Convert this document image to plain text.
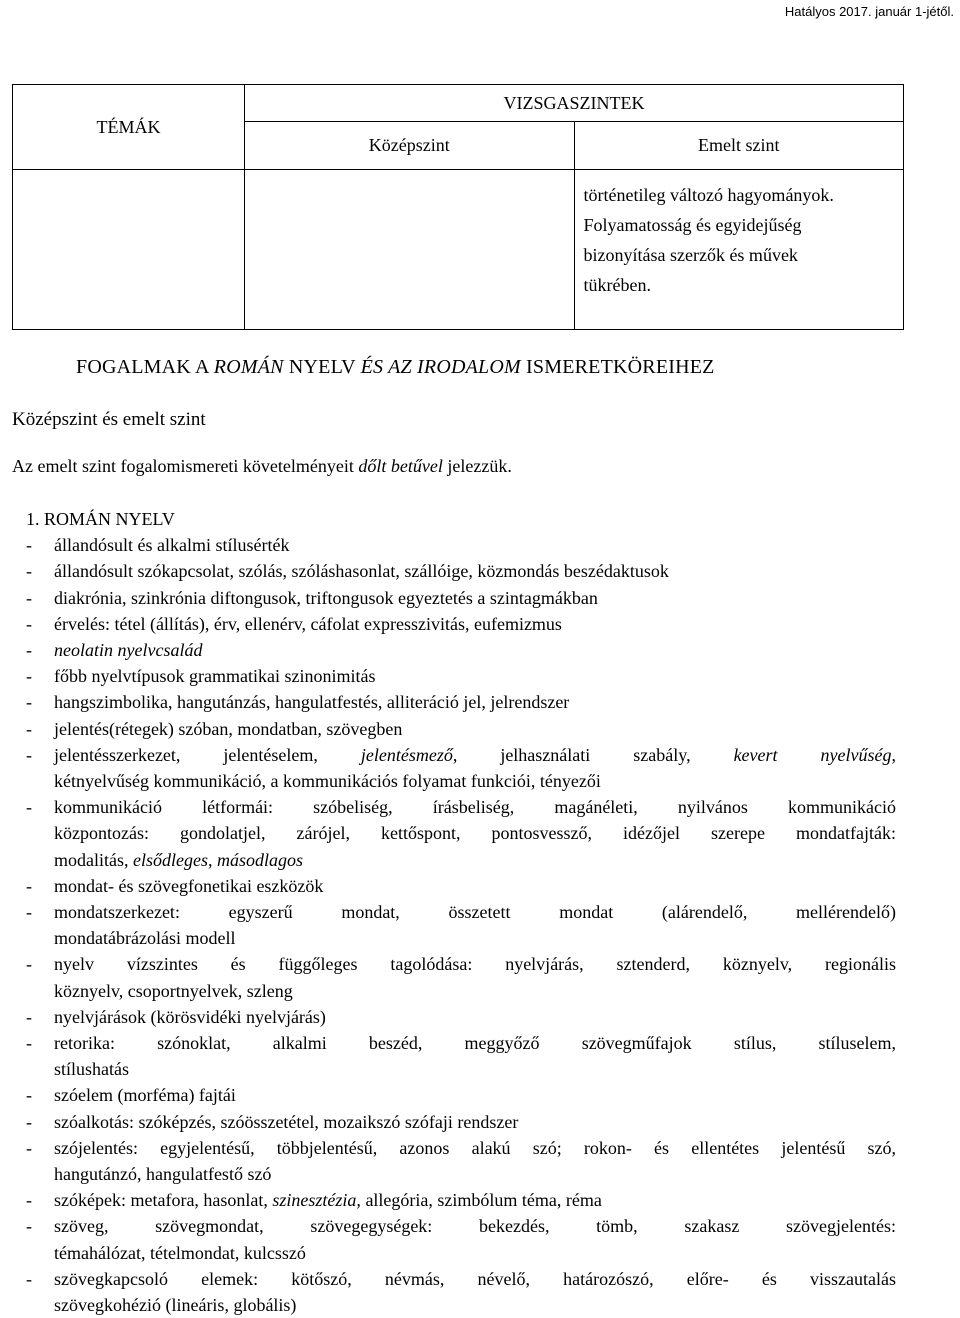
Hatályos 2017. január 1-jétől.
TÉMÁK	VIZSGASZINTEK	
	Középszint	Emelt szint

		történetileg változó hagyományok.
Folyamatosság és egyidejűség
bizonyítása szerzők és művek
tükrében.
FOGALMAK A ROMÁN NYELV ÉS AZ IRODALOM ISMERETKÖREIHEZ
Középszint és emelt szint
Az emelt szint fogalomismereti követelményeit dőlt betűvel jelezzük.
1. ROMÁN NYELV
-	állandósult és alkalmi stílusérték
-	állandósult szókapcsolat, szólás, szóláshasonlat, szállóige, közmondás beszédaktusok
-	diakrónia, szinkrónia diftongusok, triftongusok egyeztetés a szintagmákban
-	érvelés: tétel (állítás), érv, ellenérv, cáfolat expresszivitás, eufemizmus
-	neolatin nyelvcsalád
-	főbb nyelvtípusok grammatikai szinonimitás
-	hangszimbolika, hangutánzás, hangulatfestés, alliteráció jel, jelrendszer
-	jelentés(rétegek) szóban, mondatban, szövegben
-	jelentésszerkezet, jelentéselem, jelentésmező, jelhasználati szabály, kevert nyelvűség,
kétnyelvűség kommunikáció, a kommunikációs folyamat funkciói, tényezői
-	kommunikáció létformái: szóbeliség, írásbeliség, magánéleti, nyilvános kommunikáció
központozás: gondolatjel, zárójel, kettőspont, pontosvessző, idézőjel szerepe mondatfajták:
modalitás, elsődleges, másodlagos
-	mondat- és szövegfonetikai eszközök
-	mondatszerkezet: egyszerű mondat, összetett mondat (alárendelő, mellérendelő)
mondatábrázolási modell
-	nyelv vízszintes és függőleges tagolódása: nyelvjárás, sztenderd, köznyelv, regionális
köznyelv, csoportnyelvek, szleng
-	nyelvjárások (körösvidéki nyelvjárás)
-	retorika: szónoklat, alkalmi beszéd, meggyőző szövegműfajok stílus, stíluselem,
stílushatás
-	szóelem (morféma) fajtái
-	szóalkotás: szóképzés, szóösszetétel, mozaikszó szófaji rendszer
-	szójelentés: egyjelentésű, többjelentésű, azonos alakú szó; rokon- és ellentétes jelentésű szó,
hangutánzó, hangulatfestő szó
-	szóképek: metafora, hasonlat, szinesztézia, allegória, szimbólum téma, réma
-	szöveg, szövegmondat, szövegegységek: bekezdés, tömb, szakasz szövegjelentés:
témahálózat, tételmondat, kulcsszó
-	szövegkapcsoló elemek: kötőszó, névmás, névelő, határozószó, előre- és visszautalás
szövegkohézió (lineáris, globális)
